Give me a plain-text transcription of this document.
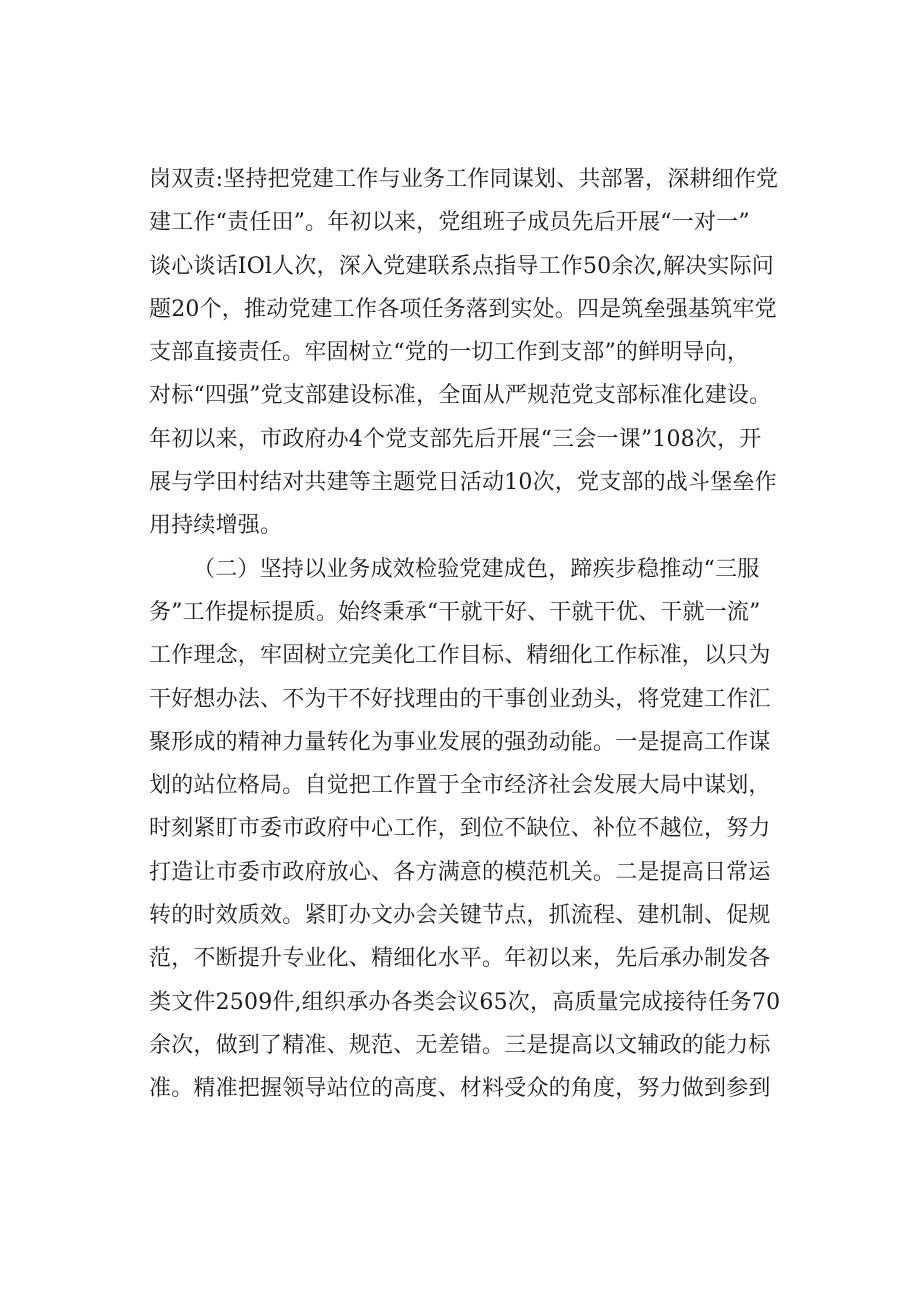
岗双责:坚持把党建工作与业务工作同谋划、共部署，深耕细作党
建工作“责任田”。年初以来，党组班子成员先后开展“一对一”
谈心谈话IOl人次，深入党建联系点指导工作50余次,解决实际问
题20个，推动党建工作各项任务落到实处。四是筑垒强基筑牢党
支部直接责任。牢固树立“党的一切工作到支部”的鲜明导向，
对标“四强”党支部建设标准，全面从严规范党支部标准化建设。
年初以来，市政府办4个党支部先后开展“三会一课”108次，开
展与学田村结对共建等主题党日活动10次，党支部的战斗堡垒作
用持续增强。
（二）坚持以业务成效检验党建成色，蹄疾步稳推动“三服
务”工作提标提质。始终秉承“干就干好、干就干优、干就一流”
工作理念，牢固树立完美化工作目标、精细化工作标准，以只为
干好想办法、不为干不好找理由的干事创业劲头，将党建工作汇
聚形成的精神力量转化为事业发展的强劲动能。一是提高工作谋
划的站位格局。自觉把工作置于全市经济社会发展大局中谋划，
时刻紧盯市委市政府中心工作，到位不缺位、补位不越位，努力
打造让市委市政府放心、各方满意的模范机关。二是提高日常运
转的时效质效。紧盯办文办会关键节点，抓流程、建机制、促规
范，不断提升专业化、精细化水平。年初以来，先后承办制发各
类文件2509件,组织承办各类会议65次，高质量完成接待任务70
余次，做到了精准、规范、无差错。三是提高以文辅政的能力标
准。精准把握领导站位的高度、材料受众的角度，努力做到参到
